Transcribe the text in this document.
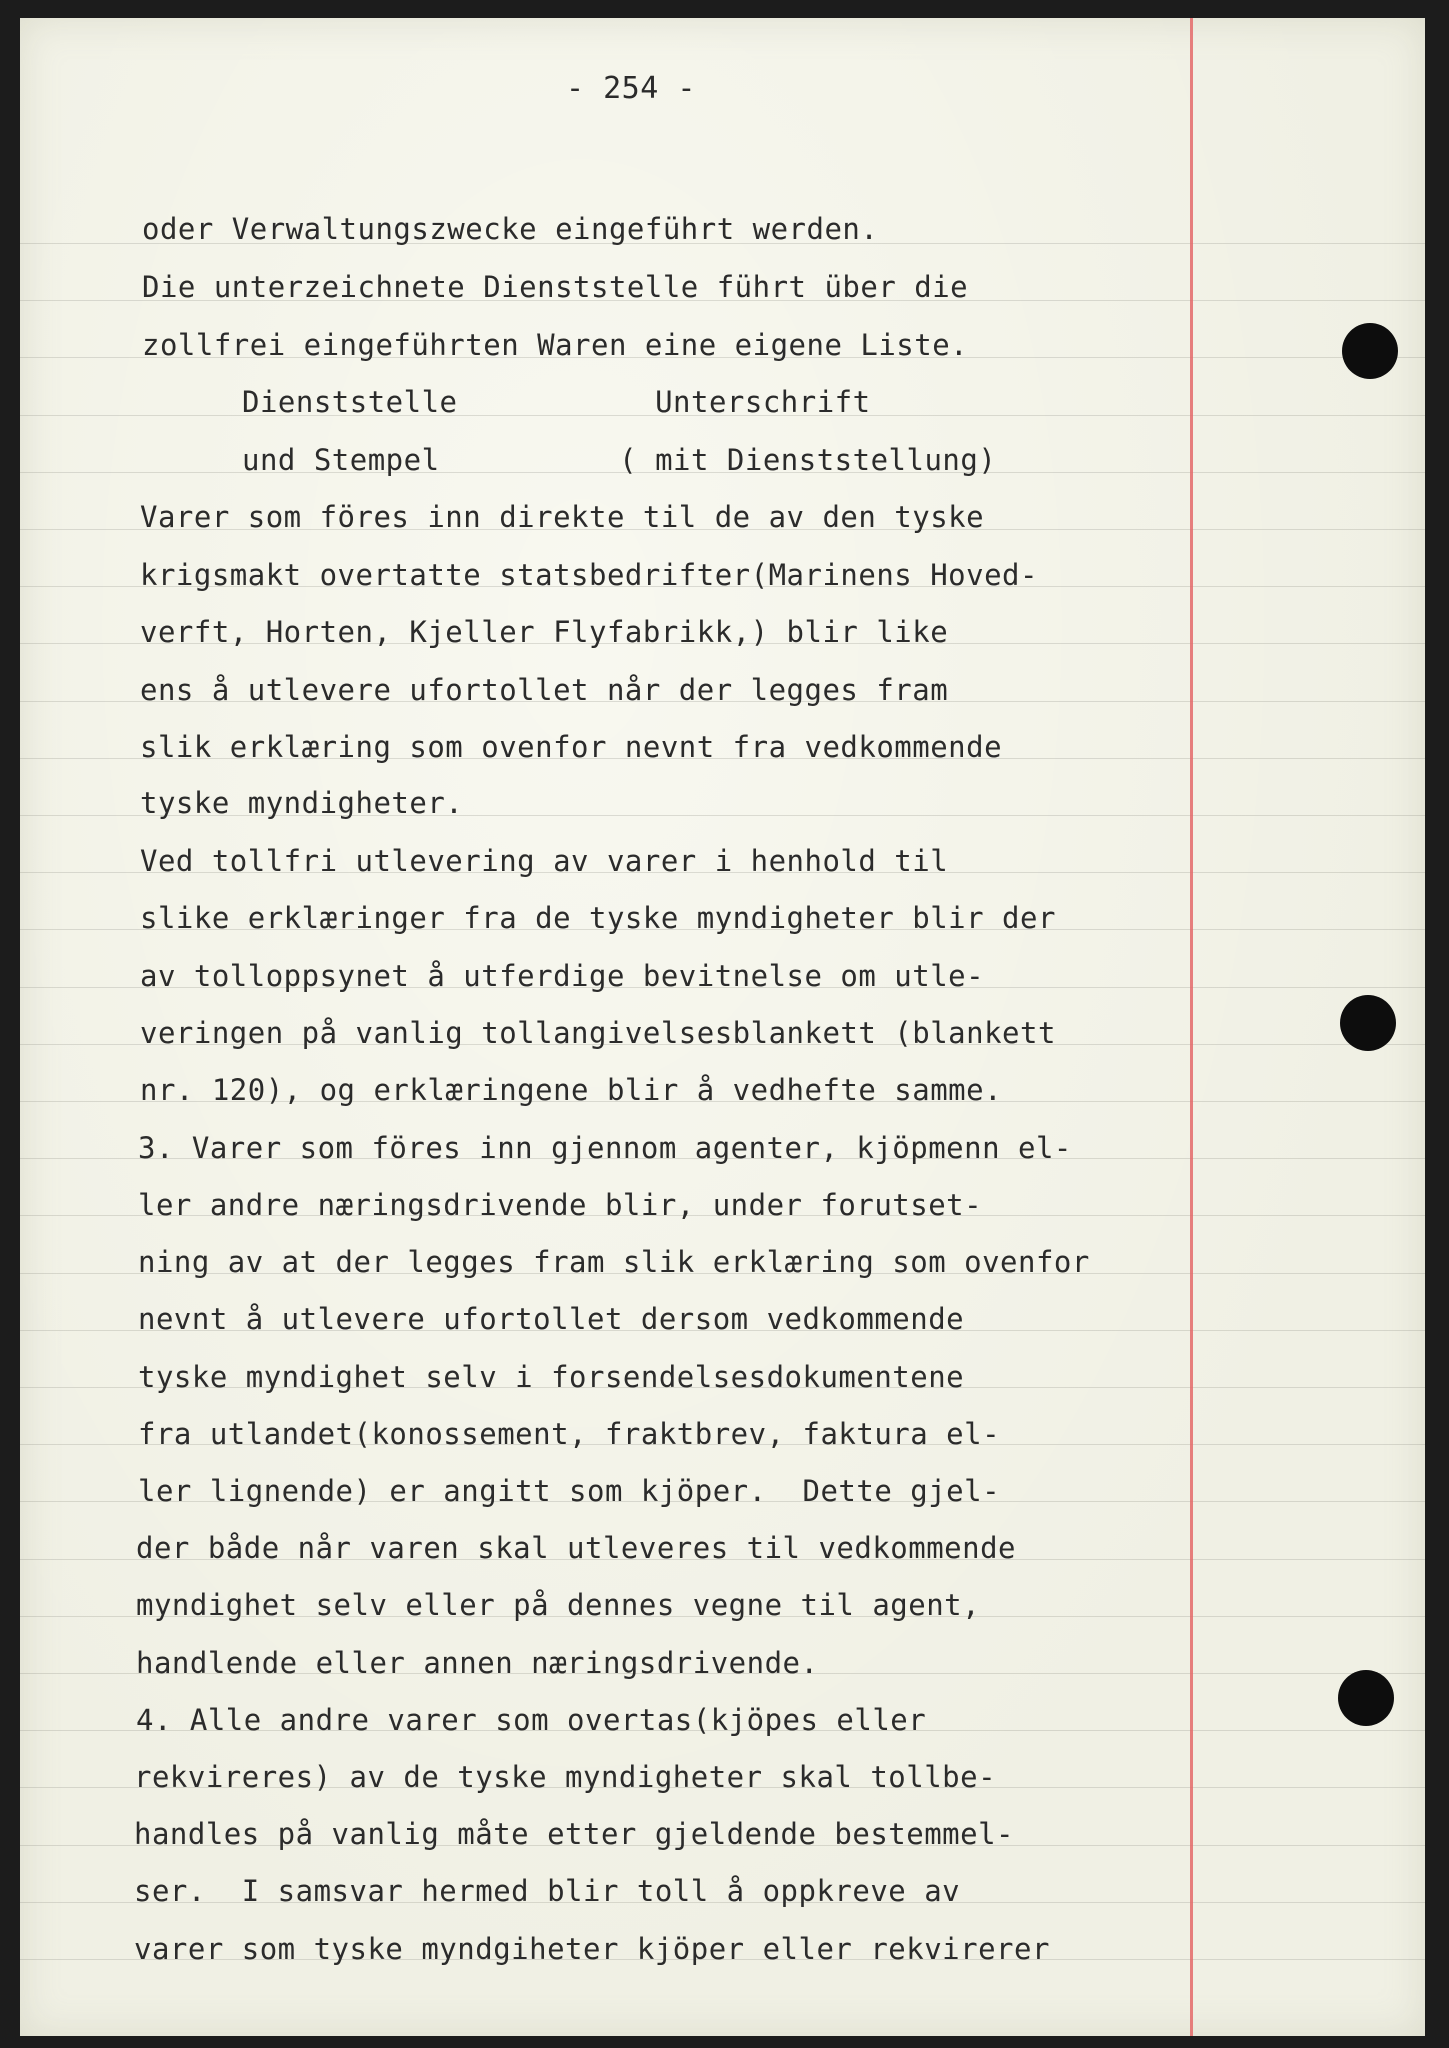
- 254 -
oder Verwaltungszwecke eingeführt werden.
Die unterzeichnete Dienststelle führt über die
zollfrei eingeführten Waren eine eigene Liste.
Dienststelle           Unterschrift
und Stempel          ( mit Dienststellung)
Varer som föres inn direkte til de av den tyske
krigsmakt overtatte statsbedrifter(Marinens Hoved-
verft, Horten, Kjeller Flyfabrikk,) blir like
ens å utlevere ufortollet når der legges fram
slik erklæring som ovenfor nevnt fra vedkommende
tyske myndigheter.
Ved tollfri utlevering av varer i henhold til
slike erklæringer fra de tyske myndigheter blir der
av tolloppsynet å utferdige bevitnelse om utle-
veringen på vanlig tollangivelsesblankett (blankett
nr. 120), og erklæringene blir å vedhefte samme.
3. Varer som föres inn gjennom agenter, kjöpmenn el-
ler andre næringsdrivende blir, under forutset-
ning av at der legges fram slik erklæring som ovenfor
nevnt å utlevere ufortollet dersom vedkommende
tyske myndighet selv i forsendelsesdokumentene
fra utlandet(konossement, fraktbrev, faktura el-
ler lignende) er angitt som kjöper.  Dette gjel-
der både når varen skal utleveres til vedkommende
myndighet selv eller på dennes vegne til agent,
handlende eller annen næringsdrivende.
4. Alle andre varer som overtas(kjöpes eller
rekvireres) av de tyske myndigheter skal tollbe-
handles på vanlig måte etter gjeldende bestemmel-
ser.  I samsvar hermed blir toll å oppkreve av
varer som tyske myndgiheter kjöper eller rekvirerer
